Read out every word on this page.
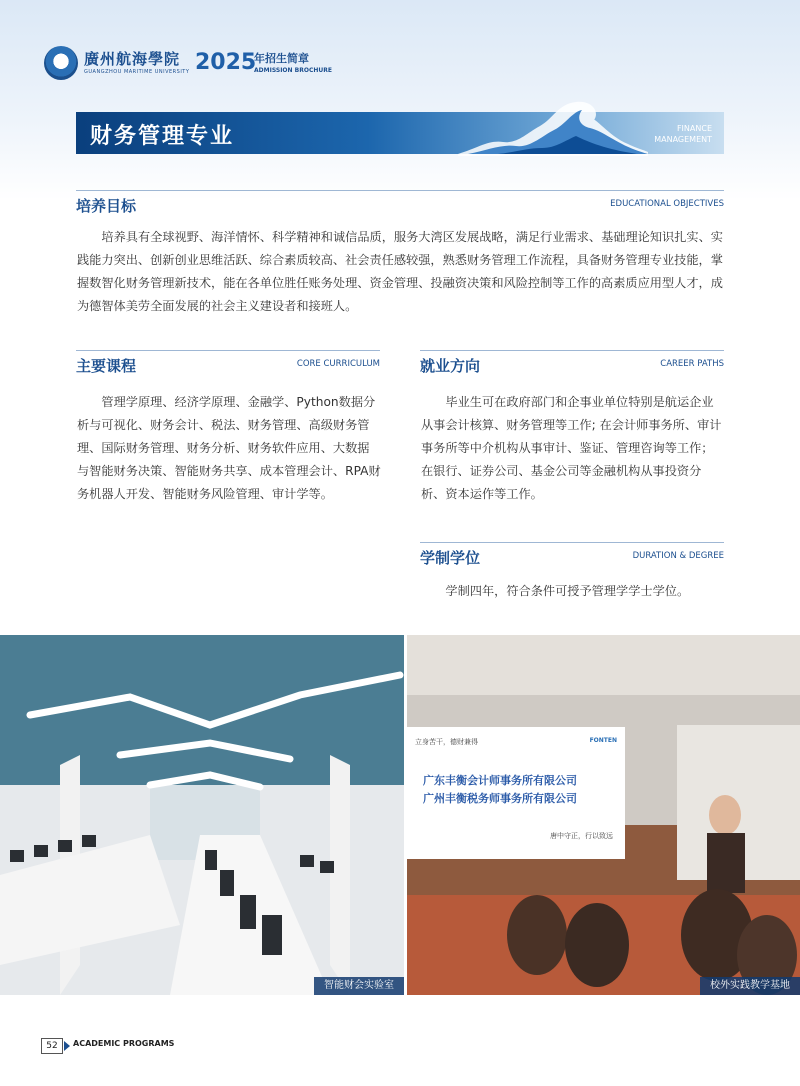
廣州航海學院
GUANGZHOU MARITIME UNIVERSITY 2025
年招生简章
ADMISSION BROCHURE
财务管理专业	FINANCE
MANAGEMENT
培养目标	EDUCATIONAL OBJECTIVES
培养具有全球视野、海洋情怀、科学精神和诚信品质，服务大湾区发展战略，满足行业需求、基础理论知识扎实、实践能力突出、创新创业思维活跃、综合素质较高、社会责任感较强，熟悉财务管理工作流程，具备财务管理专业技能，掌握数智化财务管理新技术，能在各单位胜任账务处理、资金管理、投融资决策和风险控制等工作的高素质应用型人才，成为德智体美劳全面发展的社会主义建设者和接班人。
主要课程	CORE CURRICULUM
管理学原理、经济学原理、金融学、Python数据分析与可视化、财务会计、税法、财务管理、高级财务管理、国际财务管理、财务分析、财务软件应用、大数据与智能财务决策、智能财务共享、成本管理会计、RPA财务机器人开发、智能财务风险管理、审计学等。
就业方向	CAREER PATHS
毕业生可在政府部门和企事业单位特别是航运企业从事会计核算、财务管理等工作; 在会计师事务所、审计事务所等中介机构从事审计、鉴证、管理咨询等工作；在银行、证券公司、基金公司等金融机构从事投资分析、资本运作等工作。
学制学位	DURATION & DEGREE
学制四年，符合条件可授予管理学学士学位。
智能财会实验室
立身苦干，德财兼得	FONTEN
广东丰衡会计师事务所有限公司
广州丰衡税务师事务所有限公司
唐中守正，行以致远
校外实践教学基地
52	ACADEMIC PROGRAMS
